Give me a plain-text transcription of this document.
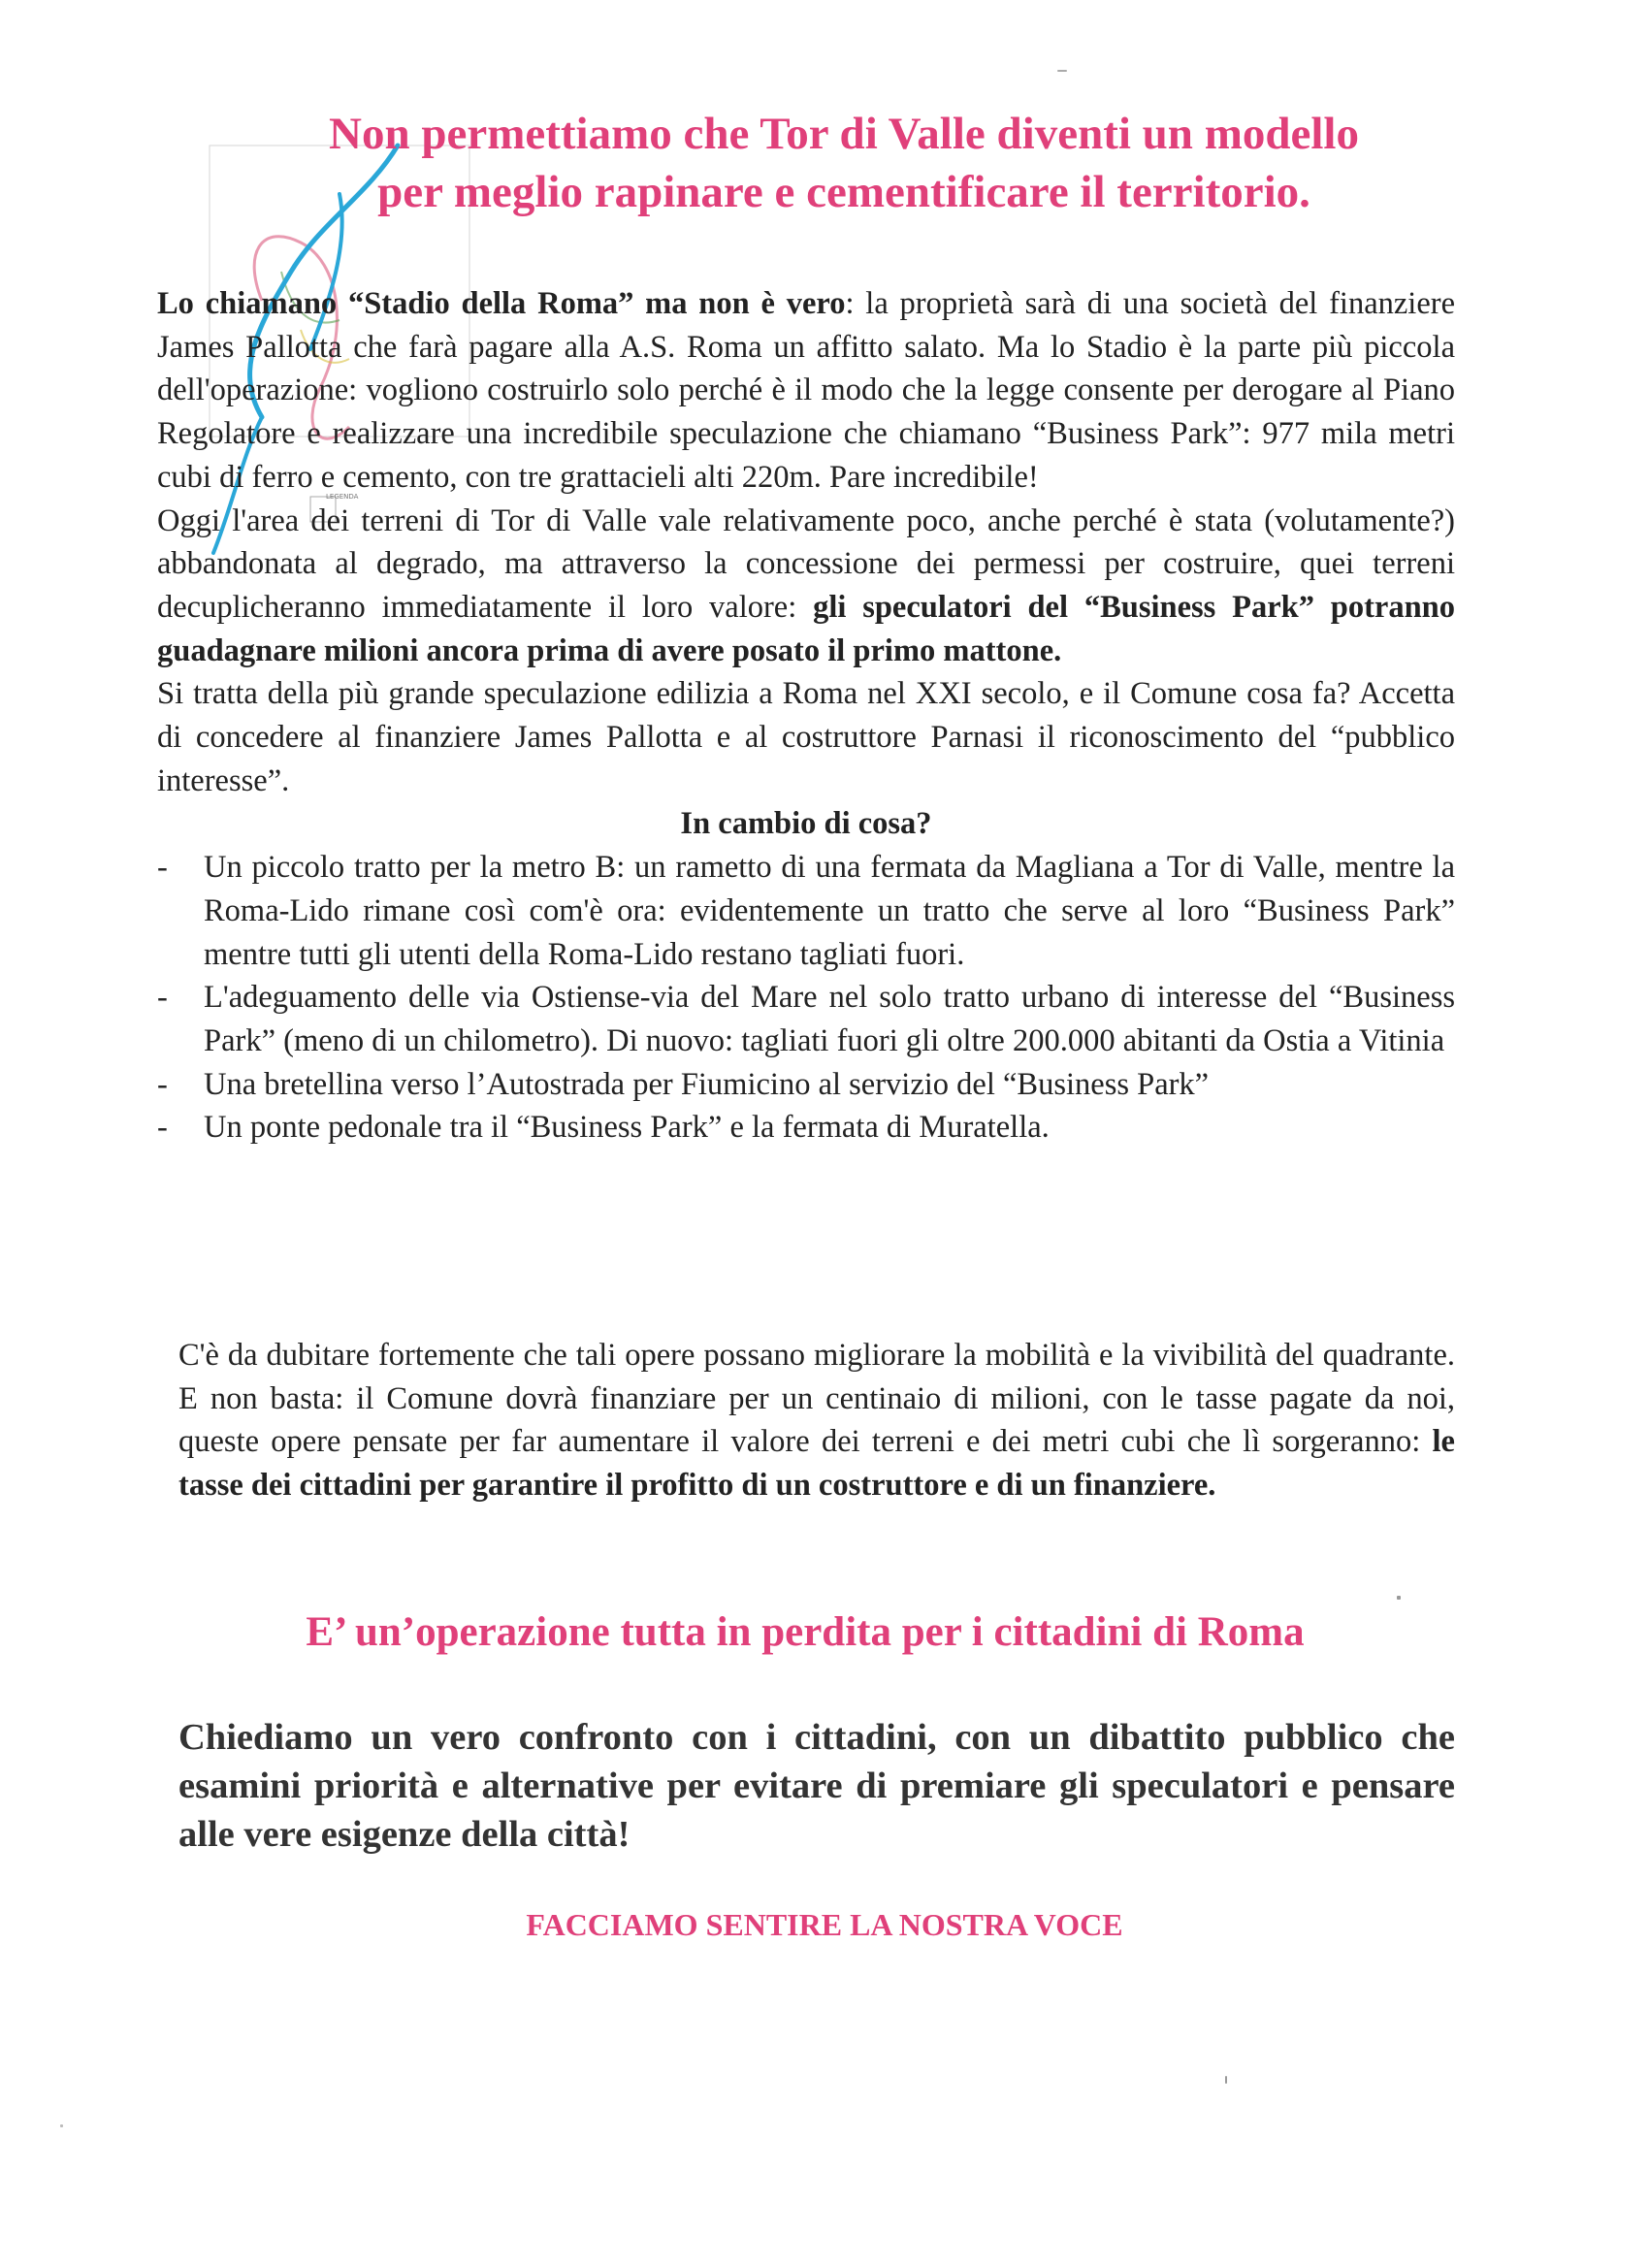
LEGENDA
Non permettiamo che Tor di Valle diventi un modello
per meglio rapinare e cementificare il territorio.

Lo chiamano “Stadio della Roma” ma non è vero: la proprietà sarà di una società del finanziere James Pallotta che farà pagare alla A.S. Roma un affitto salato. Ma lo Stadio è la parte più piccola dell'operazione: vogliono costruirlo solo perché è il modo che la legge consente per derogare al Piano Regolatore e realizzare una incredibile speculazione che chiamano “Business Park”: 977 mila metri cubi di ferro e cemento, con tre grattacieli alti 220m. Pare incredibile!

Oggi l'area dei terreni di Tor di Valle vale relativamente poco, anche perché è stata (volutamente?) abbandonata al degrado, ma attraverso la concessione dei permessi per costruire, quei terreni decuplicheranno immediatamente il loro valore: gli speculatori del “Business Park” potranno guadagnare milioni ancora prima di avere posato il primo mattone.

Si tratta della più grande speculazione edilizia a Roma nel XXI secolo, e il Comune cosa fa? Accetta di concedere al finanziere James Pallotta e al costruttore Parnasi il riconoscimento del “pubblico interesse”.

In cambio di cosa?

-	Un piccolo tratto per la metro B: un rametto di una fermata da Magliana a Tor di Valle, mentre la Roma-Lido rimane così com'è ora: evidentemente un tratto che serve al loro “Business Park” mentre tutti gli utenti della Roma-Lido restano tagliati fuori.
-	L'adeguamento delle via Ostiense-via del Mare nel solo tratto urbano di interesse del “Business Park” (meno di un chilometro). Di nuovo: tagliati fuori gli oltre 200.000 abitanti da Ostia a Vitinia
-	Una bretellina verso l’Autostrada per Fiumicino al servizio del “Business Park”
-	Un ponte pedonale tra il “Business Park” e la fermata di Muratella.
C'è da dubitare fortemente che tali opere possano migliorare la mobilità e la vivibilità del quadrante. E non basta: il Comune dovrà finanziare per un centinaio di milioni, con le tasse pagate da noi, queste opere pensate per far aumentare il valore dei terreni e dei metri cubi che lì sorgeranno: le tasse dei cittadini per garantire il profitto di un costruttore e di un finanziere.
E’ un’operazione tutta in perdita per i cittadini di Roma
Chiediamo un vero confronto con i cittadini, con un dibattito pubblico che esamini priorità e alternative per evitare di premiare gli speculatori e pensare alle vere esigenze della città!
FACCIAMO SENTIRE LA NOSTRA VOCE
